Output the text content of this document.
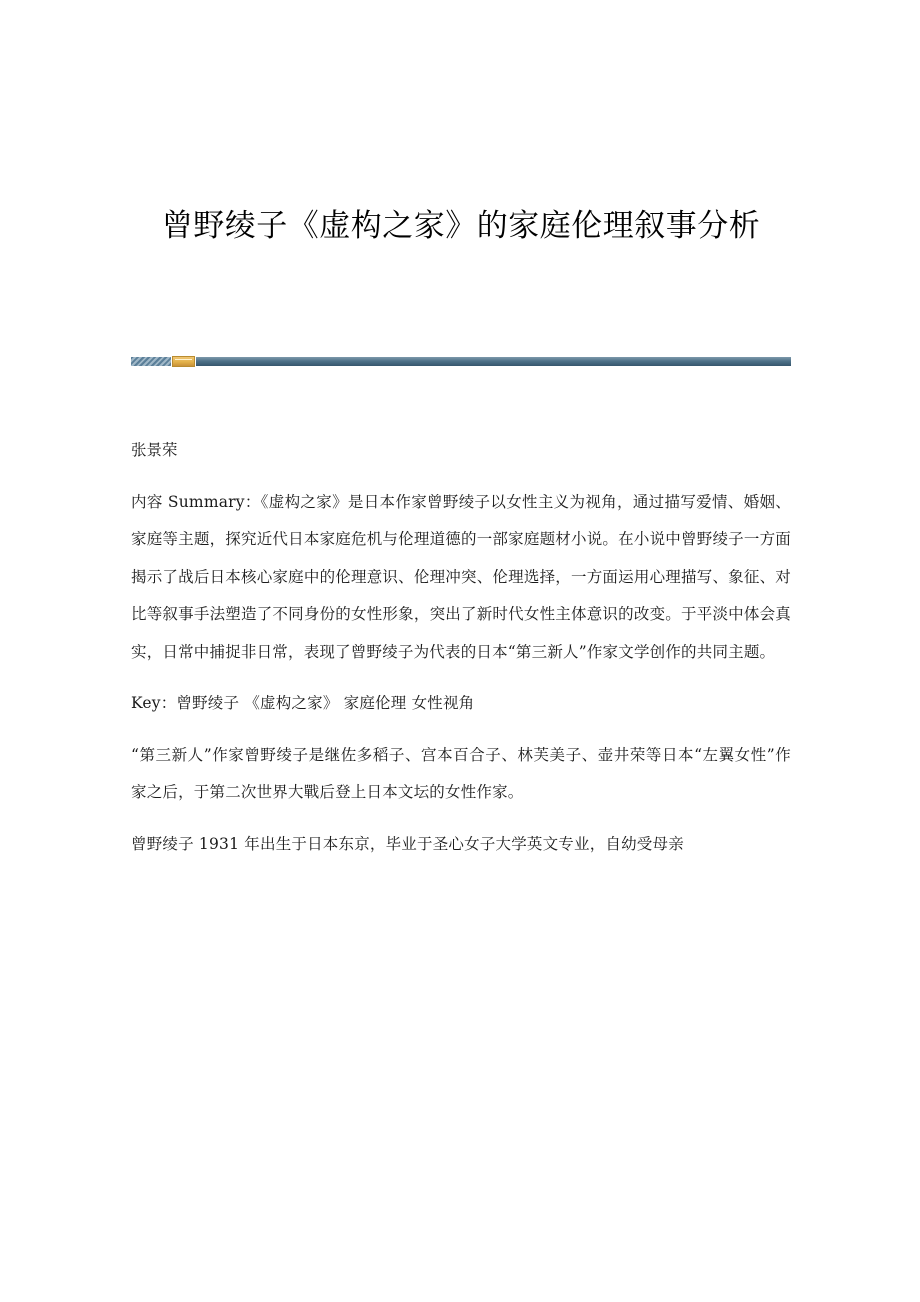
曾野绫子《虚构之家》的家庭伦理叙事分析
张景荣

内容 Summary：《虚构之家》是日本作家曾野绫子以女性主义为视角，通过描写爱情、婚姻、家庭等主题，探究近代日本家庭危机与伦理道德的一部家庭题材小说。在小说中曾野绫子一方面揭示了战后日本核心家庭中的伦理意识、伦理冲突、伦理选择，一方面运用心理描写、象征、对比等叙事手法塑造了不同身份的女性形象，突出了新时代女性主体意识的改变。于平淡中体会真实，日常中捕捉非日常，表现了曾野绫子为代表的日本“第三新人”作家文学创作的共同主题。

Key：曾野绫子 《虚构之家》 家庭伦理 女性视角

“第三新人”作家曾野绫子是继佐多稻子、宫本百合子、林芙美子、壶井荣等日本“左翼女性”作家之后，于第二次世界大戰后登上日本文坛的女性作家。

曾野绫子 1931 年出生于日本东京，毕业于圣心女子大学英文专业，自幼受母亲
